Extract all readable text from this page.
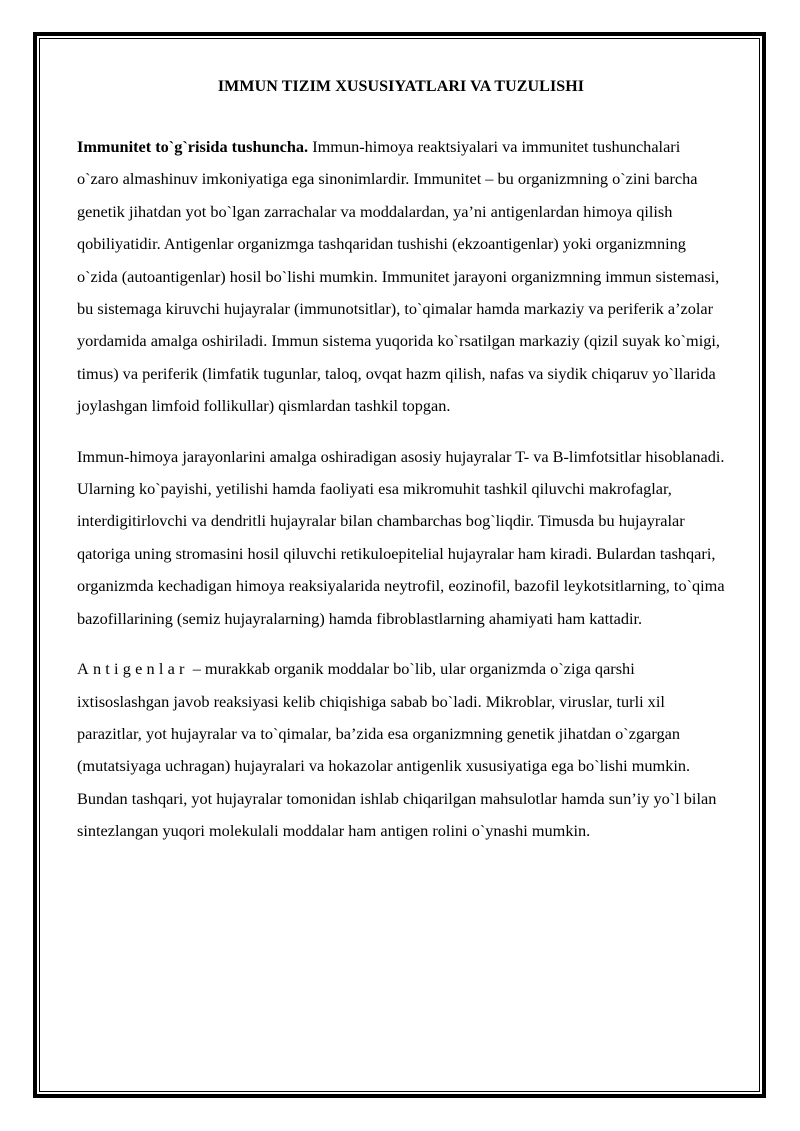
IMMUN TIZIM XUSUSIYATLARI VA TUZULISHI

Immunitet to`g`risida tushuncha. Immun-himoya reaktsiyalari va immunitet tushunchalari o`zaro almashinuv imkoniyatiga ega sinonimlardir. Immunitet – bu organizmning o`zini barcha genetik jihatdan yot bo`lgan zarrachalar va moddalardan, ya’ni antigenlardan himoya qilish qobiliyatidir. Antigenlar organizmga tashqaridan tushishi (ekzoantigenlar) yoki organizmning o`zida (autoantigenlar) hosil bo`lishi mumkin. Immunitet jarayoni organizmning immun sistemasi, bu sistemaga kiruvchi hujayralar (immunotsitlar), to`qimalar hamda markaziy va periferik a’zolar yordamida amalga oshiriladi. Immun sistema yuqorida ko`rsatilgan markaziy (qizil suyak ko`migi, timus) va periferik (limfatik tugunlar, taloq, ovqat hazm qilish, nafas va siydik chiqaruv yo`llarida joylashgan limfoid follikullar) qismlardan tashkil topgan.

Immun-himoya jarayonlarini amalga oshiradigan asosiy hujayralar T- va B-limfotsitlar hisoblanadi. Ularning ko`payishi, yetilishi hamda faoliyati esa mikromuhit tashkil qiluvchi makrofaglar, interdigitirlovchi va dendritli hujayralar bilan chambarchas bog`liqdir. Timusda bu hujayralar qatoriga uning stromasini hosil qiluvchi retikuloepitelial hujayralar ham kiradi. Bulardan tashqari, organizmda kechadigan himoya reaksiyalarida neytrofil, eozinofil, bazofil leykotsitlarning, to`qima bazofillarining (semiz hujayralarning) hamda fibroblastlarning ahamiyati ham kattadir.

Antigenlar – murakkab organik moddalar bo`lib, ular organizmda o`ziga qarshi ixtisoslashgan javob reaksiyasi kelib chiqishiga sabab bo`ladi. Mikroblar, viruslar, turli xil parazitlar, yot hujayralar va to`qimalar, ba’zida esa organizmning genetik jihatdan o`zgargan (mutatsiyaga uchragan) hujayralari va hokazolar antigenlik xususiyatiga ega bo`lishi mumkin. Bundan tashqari, yot hujayralar tomonidan ishlab chiqarilgan mahsulotlar hamda sun’iy yo`l bilan sintezlangan yuqori molekulali moddalar ham antigen rolini o`ynashi mumkin.
